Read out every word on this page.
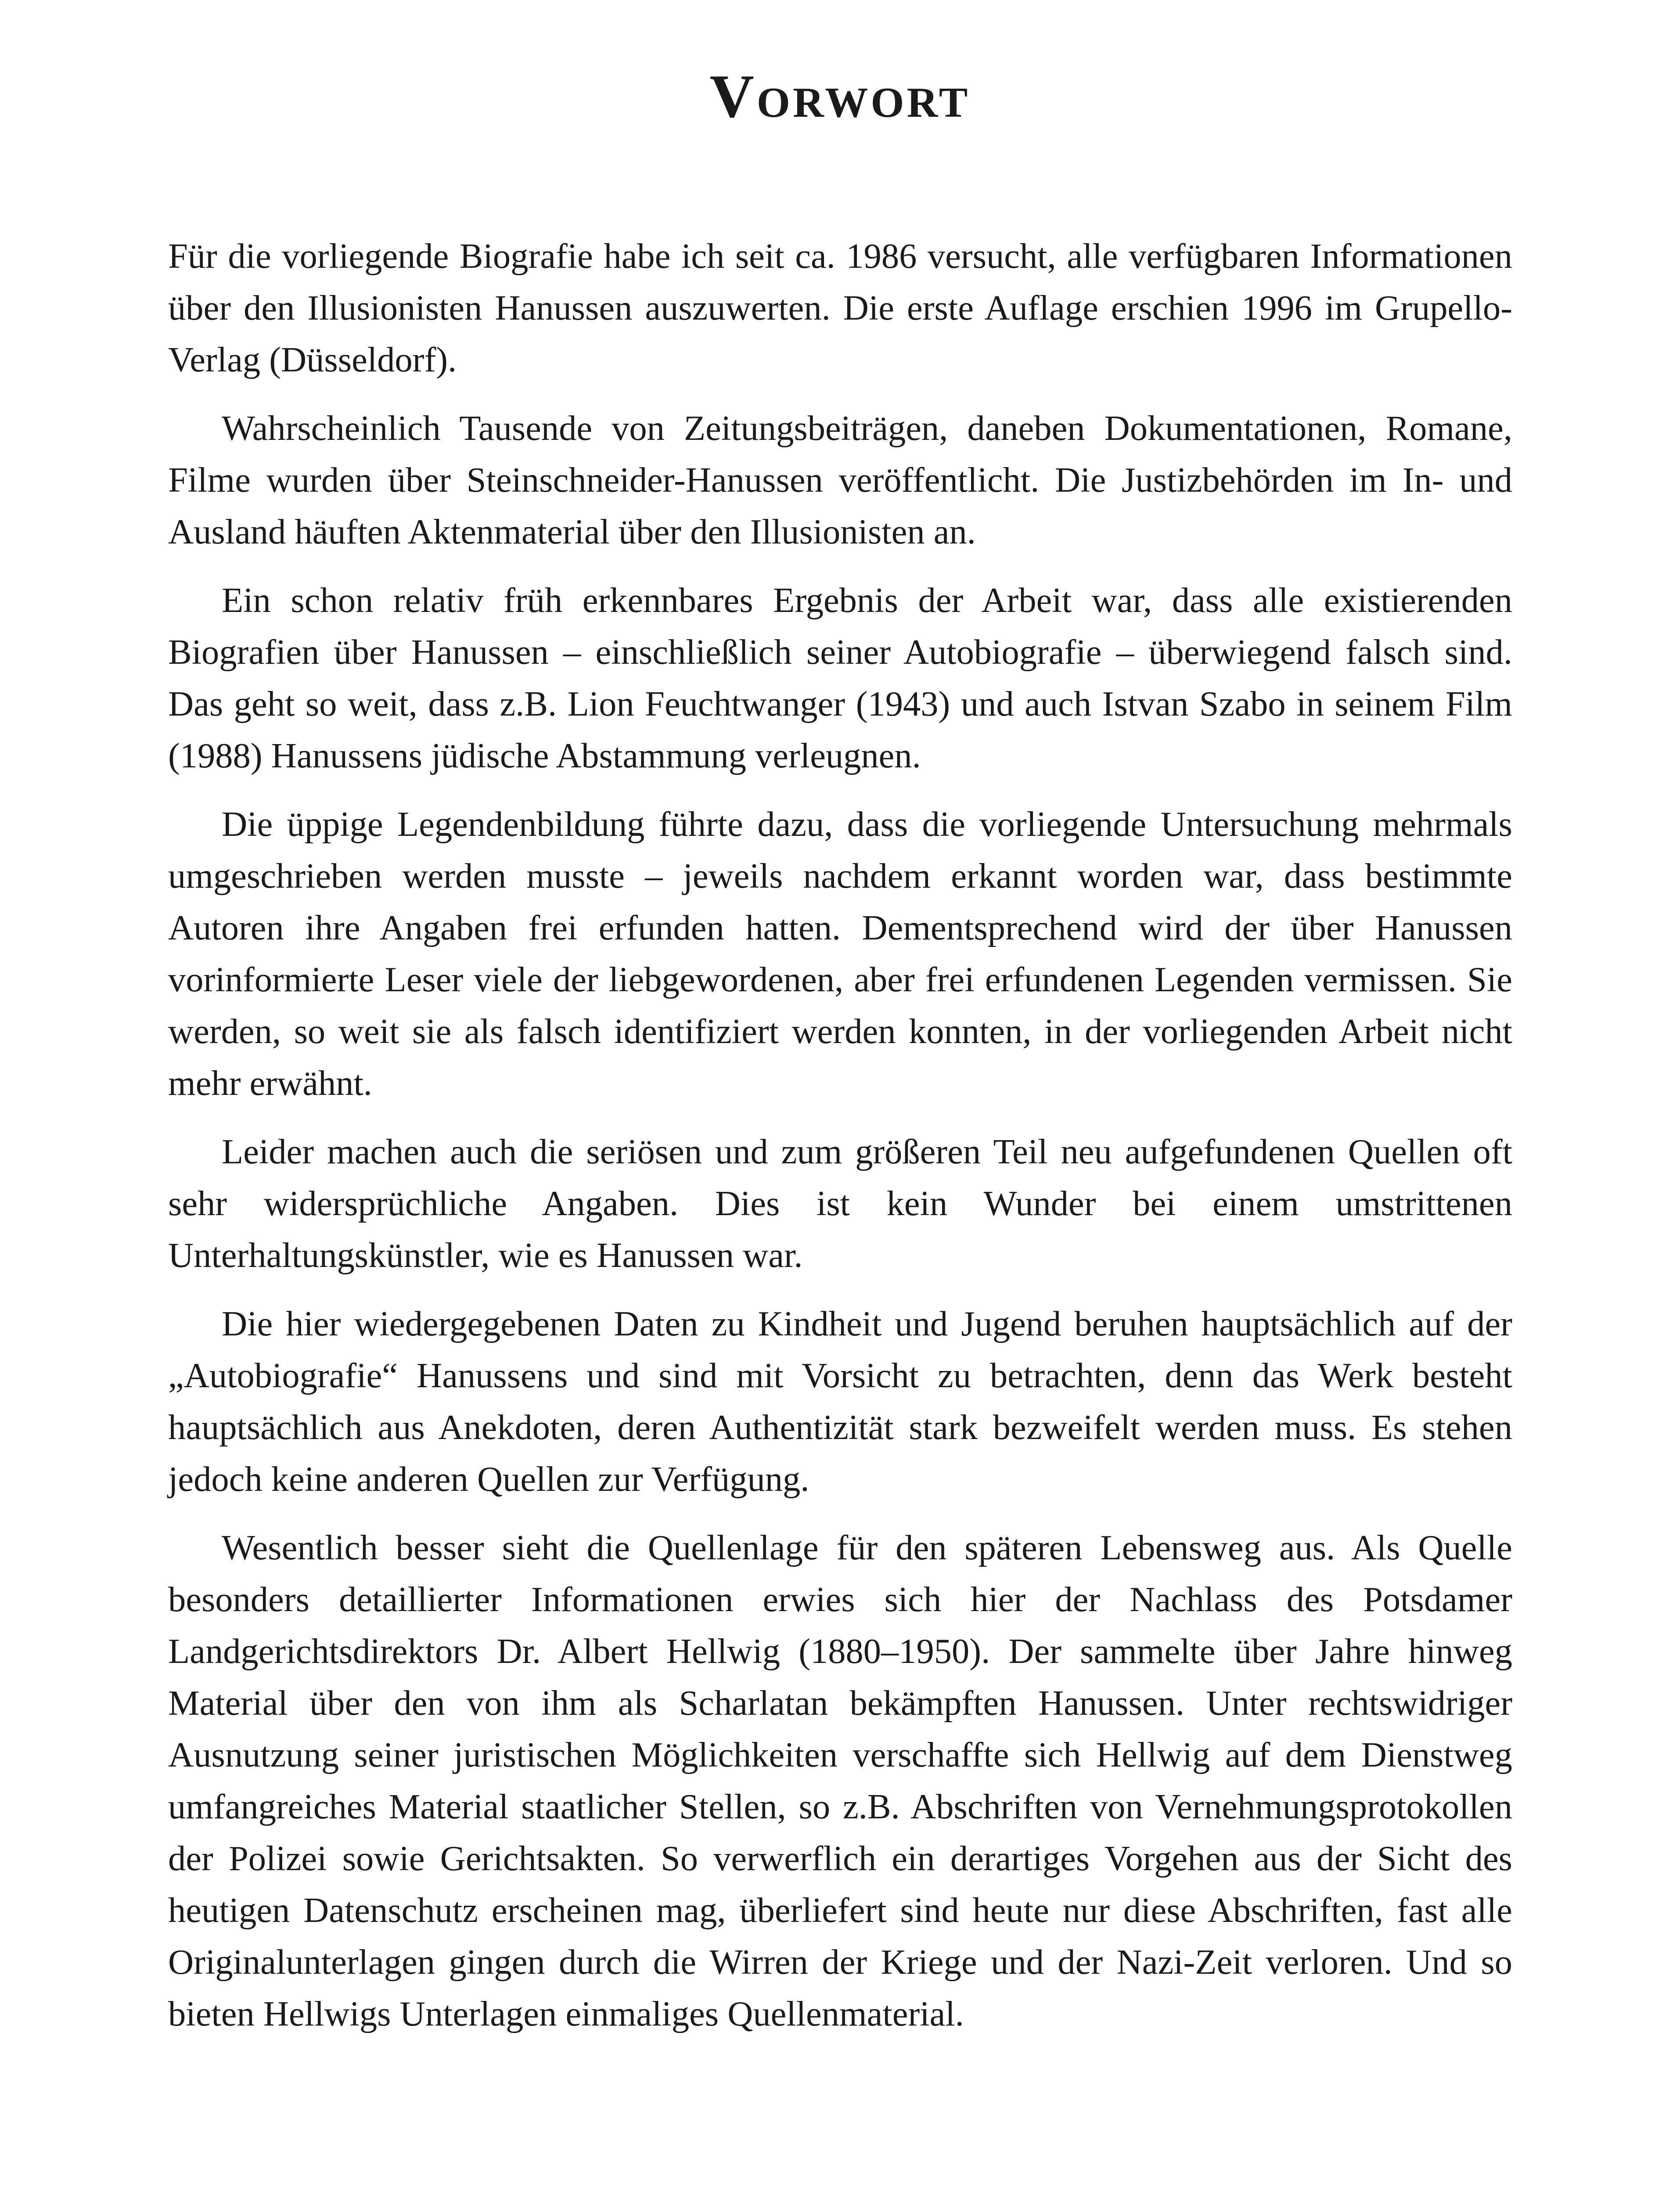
Vorwort

Für die vorliegende Biografie habe ich seit ca. 1986 versucht, alle verfügbaren Informationen über den Illusionisten Hanussen auszuwerten. Die erste Auflage erschien 1996 im Grupello-Verlag (Düsseldorf).

Wahrscheinlich Tausende von Zeitungsbeiträgen, daneben Dokumentationen, Romane, Filme wurden über Steinschneider-Hanussen veröffentlicht. Die Justizbehörden im In- und Ausland häuften Aktenmaterial über den Illusionisten an.

Ein schon relativ früh erkennbares Ergebnis der Arbeit war, dass alle existierenden Biografien über Hanussen – einschließlich seiner Autobiografie – überwiegend falsch sind. Das geht so weit, dass z.B. Lion Feuchtwanger (1943) und auch Istvan Szabo in seinem Film (1988) Hanussens jüdische Abstammung verleugnen.

Die üppige Legendenbildung führte dazu, dass die vorliegende Untersuchung mehrmals umgeschrieben werden musste – jeweils nachdem erkannt worden war, dass bestimmte Autoren ihre Angaben frei erfunden hatten. Dementsprechend wird der über Hanussen vorinformierte Leser viele der liebgewordenen, aber frei erfundenen Legenden vermissen. Sie werden, so weit sie als falsch identifiziert werden konnten, in der vorliegenden Arbeit nicht mehr erwähnt.

Leider machen auch die seriösen und zum größeren Teil neu aufgefundenen Quellen oft sehr widersprüchliche Angaben. Dies ist kein Wunder bei einem umstrittenen Unterhaltungskünstler, wie es Hanussen war.

Die hier wiedergegebenen Daten zu Kindheit und Jugend beruhen hauptsächlich auf der „Autobiografie“ Hanussens und sind mit Vorsicht zu betrachten, denn das Werk besteht hauptsächlich aus Anekdoten, deren Authentizität stark bezweifelt werden muss. Es stehen jedoch keine anderen Quellen zur Verfügung.

Wesentlich besser sieht die Quellenlage für den späteren Lebensweg aus. Als Quelle besonders detaillierter Informationen erwies sich hier der Nachlass des Potsdamer Landgerichtsdirektors Dr. Albert Hellwig (1880–1950). Der sammelte über Jahre hinweg Material über den von ihm als Scharlatan bekämpften Hanussen. Unter rechtswidriger Ausnutzung seiner juristischen Möglichkeiten verschaffte sich Hellwig auf dem Dienstweg umfangreiches Material staatlicher Stellen, so z.B. Abschriften von Vernehmungsprotokollen der Polizei sowie Gerichtsakten. So verwerflich ein derartiges Vorgehen aus der Sicht des heutigen Datenschutz erscheinen mag, überliefert sind heute nur diese Abschriften, fast alle Originalunterlagen gingen durch die Wirren der Kriege und der Nazi-Zeit verloren. Und so bieten Hellwigs Unterlagen einmaliges Quellenmaterial.
